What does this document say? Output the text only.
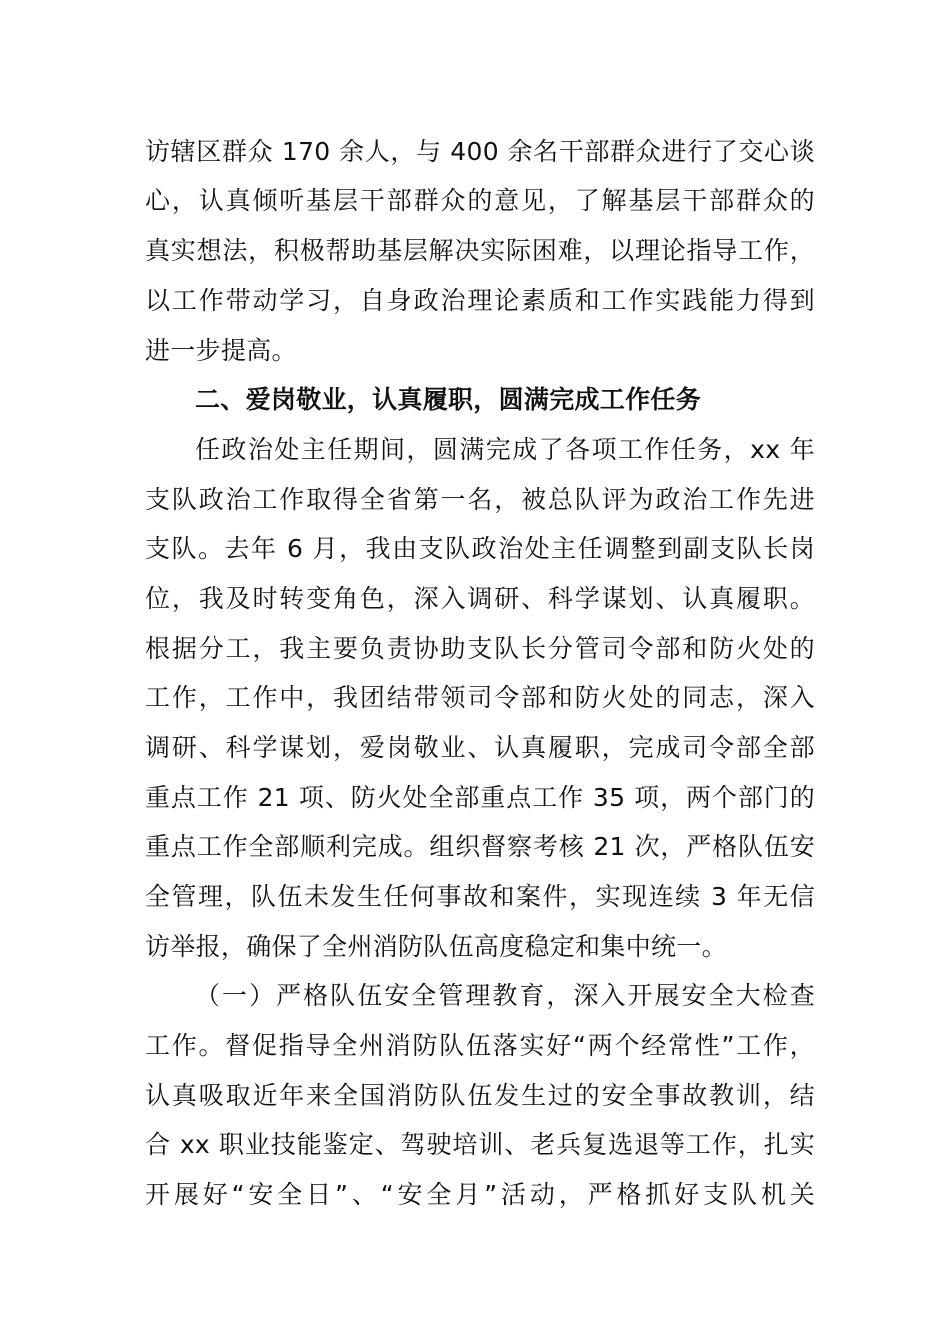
访辖区群众 170 余人，与 400 余名干部群众进行了交心谈
心，认真倾听基层干部群众的意见，了解基层干部群众的
真实想法，积极帮助基层解决实际困难，以理论指导工作，
以工作带动学习，自身政治理论素质和工作实践能力得到
进一步提高。
二、爱岗敬业，认真履职，圆满完成工作任务
任政治处主任期间，圆满完成了各项工作任务，xx 年
支队政治工作取得全省第一名，被总队评为政治工作先进
支队。去年 6 月，我由支队政治处主任调整到副支队长岗
位，我及时转变角色，深入调研、科学谋划、认真履职。
根据分工，我主要负责协助支队长分管司令部和防火处的
工作，工作中，我团结带领司令部和防火处的同志，深入
调研、科学谋划，爱岗敬业、认真履职，完成司令部全部
重点工作 21 项、防火处全部重点工作 35 项，两个部门的
重点工作全部顺利完成。组织督察考核 21 次，严格队伍安
全管理，队伍未发生任何事故和案件，实现连续 3 年无信
访举报，确保了全州消防队伍高度稳定和集中统一。
（一）严格队伍安全管理教育，深入开展安全大检查
工作。督促指导全州消防队伍落实好“两个经常性”工作，
认真吸取近年来全国消防队伍发生过的安全事故教训，结
合 xx 职业技能鉴定、驾驶培训、老兵复选退等工作，扎实
开展好“安全日”、“安全月”活动，严格抓好支队机关
